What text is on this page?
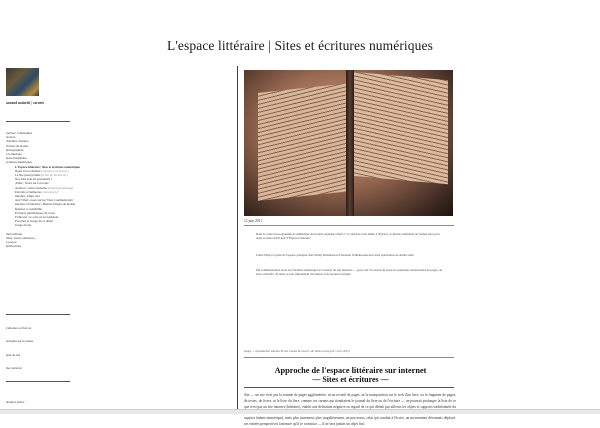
L'espace littéraire | Sites et écritures numériques
arnaud maïsetti | carnets
journal | contretemps
lectures
chantiers critiques
fictions du monde
photographies
à la musique
notes marginales
écritures numériques
L'Espace littéraire | Sites et écritures numériques
Notes sur la sérialité (réponse à un lecteur)
Le Net (aussi) mime (le ton de Serlam ter)
Nos sites sont-ils personnels ?
¡Pixel ; Notes sur la lecture
Archiver | notes éternelles (fragments Autolog)
Portraits et mémoires | écouteurs.fr
Internet | temps réel
Aux Villes', notes sur les 'Tiers Communicants'
Internet et littérature | Illustres images du monde
Respirer et sensibilité
Écritures (numériques) du corps
Fichte.net | le web est un fondateur
Procéder la visage du ce désert
Usage du net
interventions
lieux, textes, annonces...
à propos
publications
s'abonner au flux rss
naviguer par le réseau
plan du site
me contacter
derniers textes :
12 juin 2011
Dans le cadre du programme de séminaires doctorants organisé à Paris 7 et consacré cette année à l'Espace, le dernier séminaire de l'année aura pour objet ce mercredi 8 juin "l'Espace Littéraire".
Claire Hatyet a parlé de l'espace poétique chez Emily Dickinson et Fernando Schilderoeen des récits spéculaires de André Gide.
Ma communication porte sur l'écriture numérique et la notion du site littéraire — pour voir l'occasion de poser les questions transversales de pages, de sites collectifs, de liens, et tout simplement d'écritures et de lectures en ligne.
Image — reproduction manuscrite des Cantos de Guerre, de Julien Gracq (cd. Corti, 2011)
Approche de l'espace littéraire sur internet
— Sites et écritures —
Site — un site n'est pas la somme de pages agglomérées, ni un recueil de pages, ni la transposition sur le web d'un livre, ou le fragment de pages, de textes, de livres, ni le livre du livre, comme ces carnets qui tiendraient le journal du livre ou de l'écriture — on pourrait prolonger la liste de ce que n'est pas un site internet (littéraire), établir une définition négative en regard de ce qui définit par ailleurs les objets et supports traditionnels du support (même numérique), mais plus justement, plus singulièrement, un processus, celui qui conduit à l'écrire, un mouvement désormais déployé, ses entrées perspectives à mesure qu'il se constitue — il ne sera jamais un objet fini.
